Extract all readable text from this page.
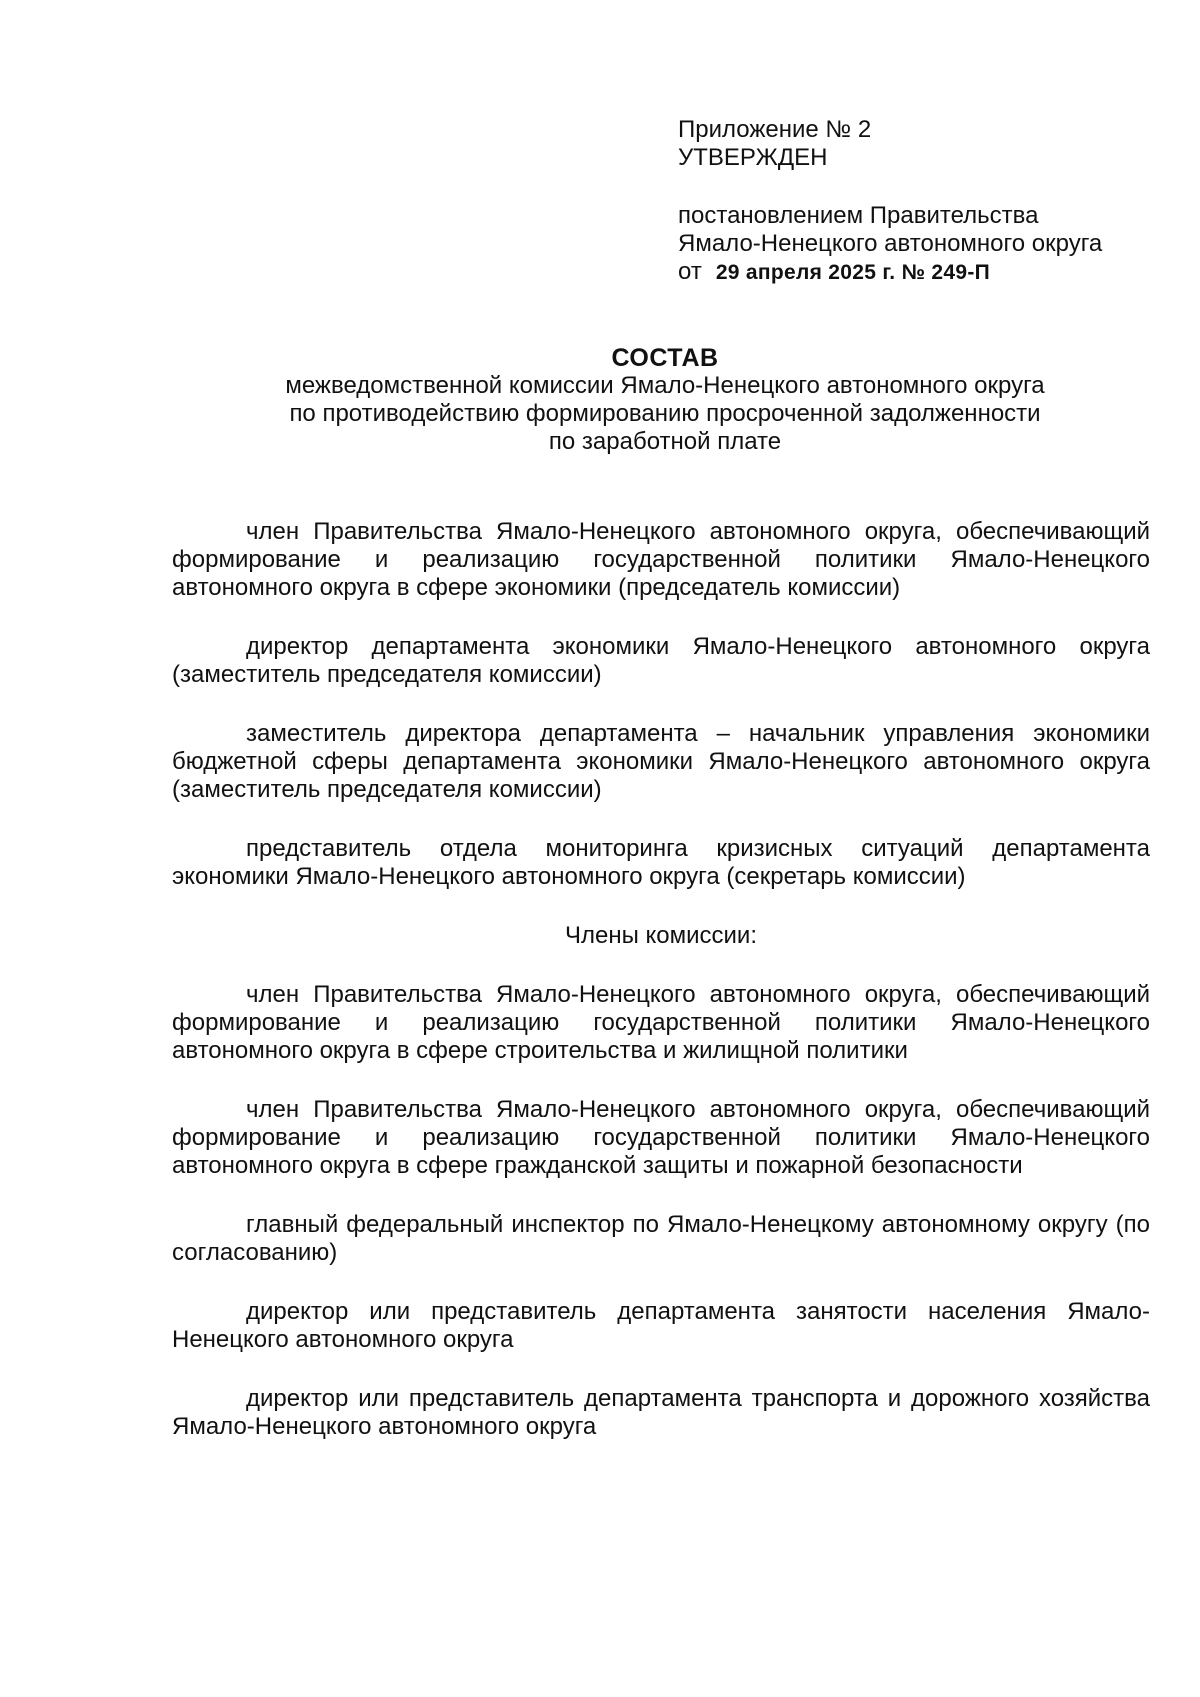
Приложение № 2
УТВЕРЖДЕН
постановлением Правительства
Ямало-Ненецкого автономного округа
от 29 апреля 2025 г. № 249-П
СОСТАВ
межведомственной комиссии Ямало-Ненецкого автономного округа
по противодействию формированию просроченной задолженности
по заработной плате

член Правительства Ямало-Ненецкого автономного округа, обеспечивающий формирование и реализацию государственной политики Ямало-Ненецкого автономного округа в сфере экономики (председатель комиссии)

директор департамента экономики Ямало-Ненецкого автономного округа (заместитель председателя комиссии)

заместитель директора департамента – начальник управления экономики бюджетной сферы департамента экономики Ямало-Ненецкого автономного округа (заместитель председателя комиссии)

представитель отдела мониторинга кризисных ситуаций департамента экономики Ямало-Ненецкого автономного округа (секретарь комиссии)

Члены комиссии:

член Правительства Ямало-Ненецкого автономного округа, обеспечивающий формирование и реализацию государственной политики Ямало-Ненецкого автономного округа в сфере строительства и жилищной политики

член Правительства Ямало-Ненецкого автономного округа, обеспечивающий формирование и реализацию государственной политики Ямало-Ненецкого автономного округа в сфере гражданской защиты и пожарной безопасности

главный федеральный инспектор по Ямало-Ненецкому автономному округу (по согласованию)

директор или представитель департамента занятости населения Ямало-Ненецкого автономного округа

директор или представитель департамента транспорта и дорожного хозяйства Ямало-Ненецкого автономного округа
